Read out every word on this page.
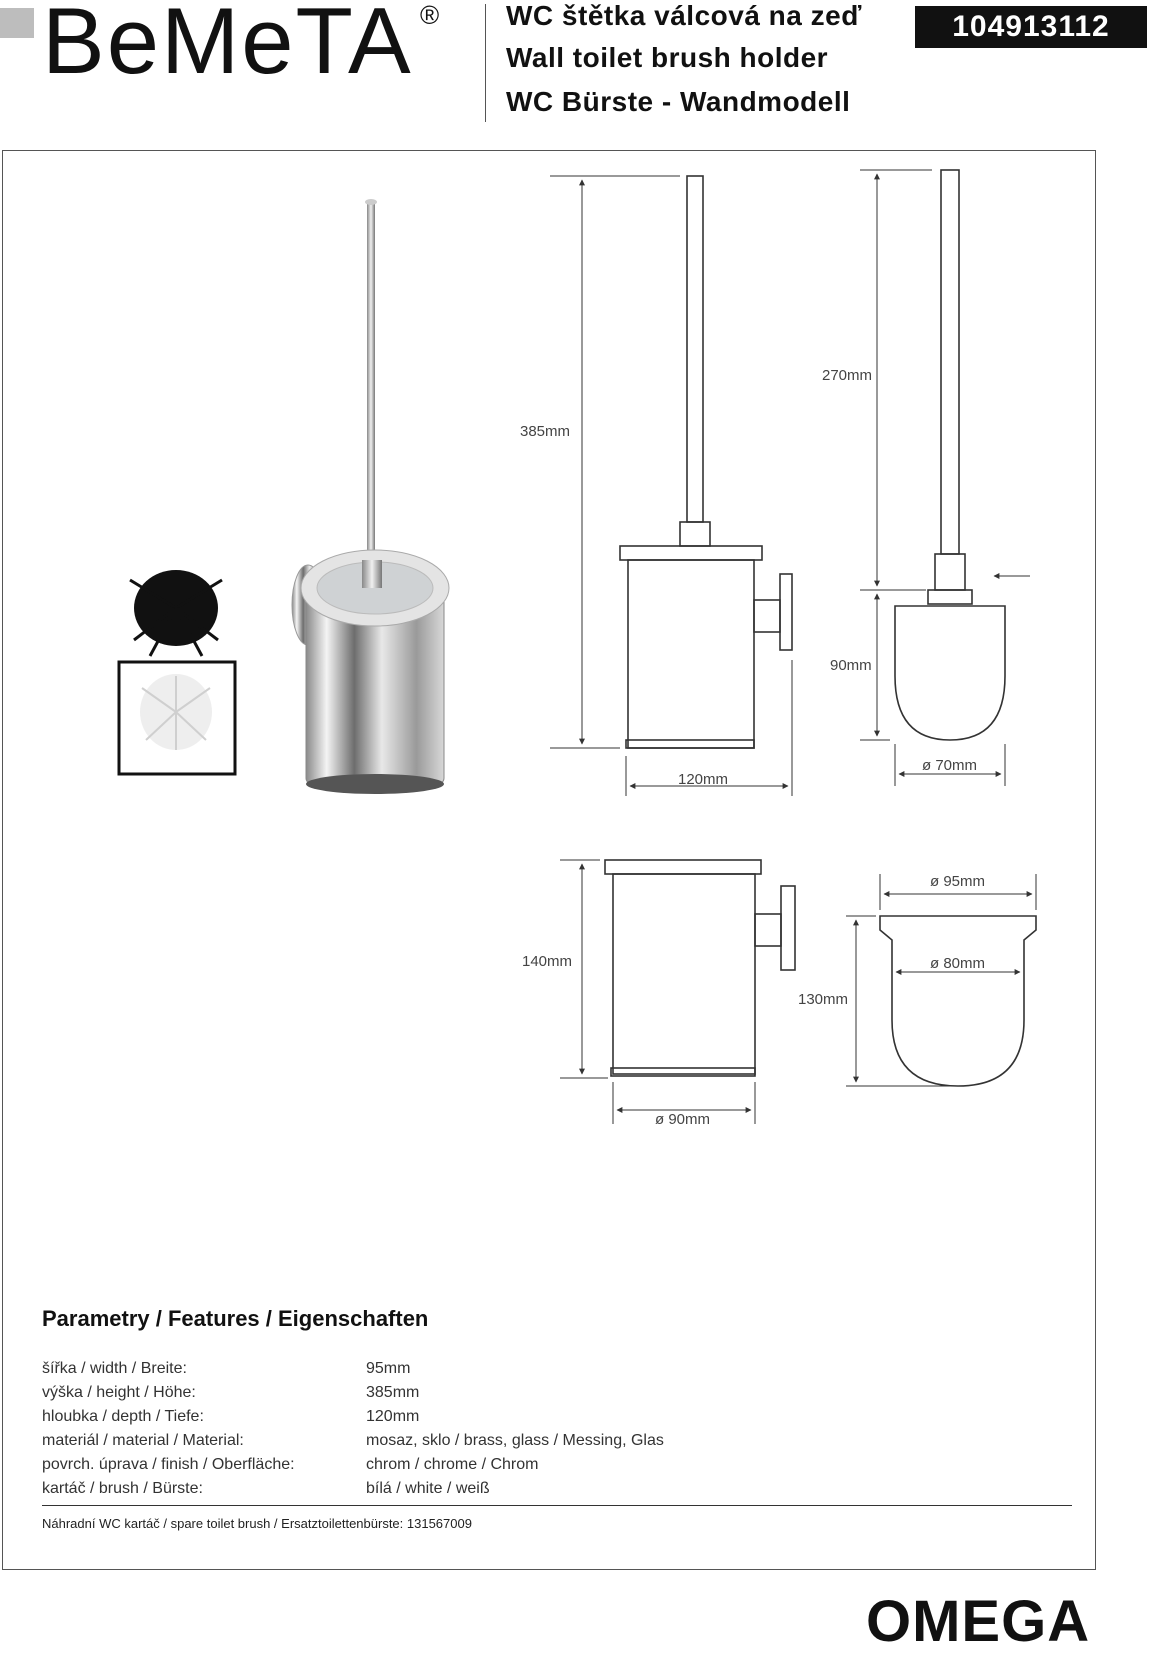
BeMeTA ® WC štětka válcová na zeď
Wall toilet brush holder
WC Bürste - Wandmodell
104913112
385mm
120mm
270mm
90mm
ø 70mm
140mm
ø 90mm
ø 95mm
ø 80mm
130mm
Parametry / Features / Eigenschaften
šířka / width / Breite:	95mm
výška / height / Höhe:	385mm
hloubka / depth / Tiefe:	120mm
materiál / material / Material:	mosaz, sklo / brass, glass / Messing, Glas
povrch. úprava / finish / Oberfläche:	chrom / chrome / Chrom
kartáč / brush / Bürste:	bílá / white / weiß
Náhradní WC kartáč / spare toilet brush / Ersatztoilettenbürste: 131567009
OMEGA
